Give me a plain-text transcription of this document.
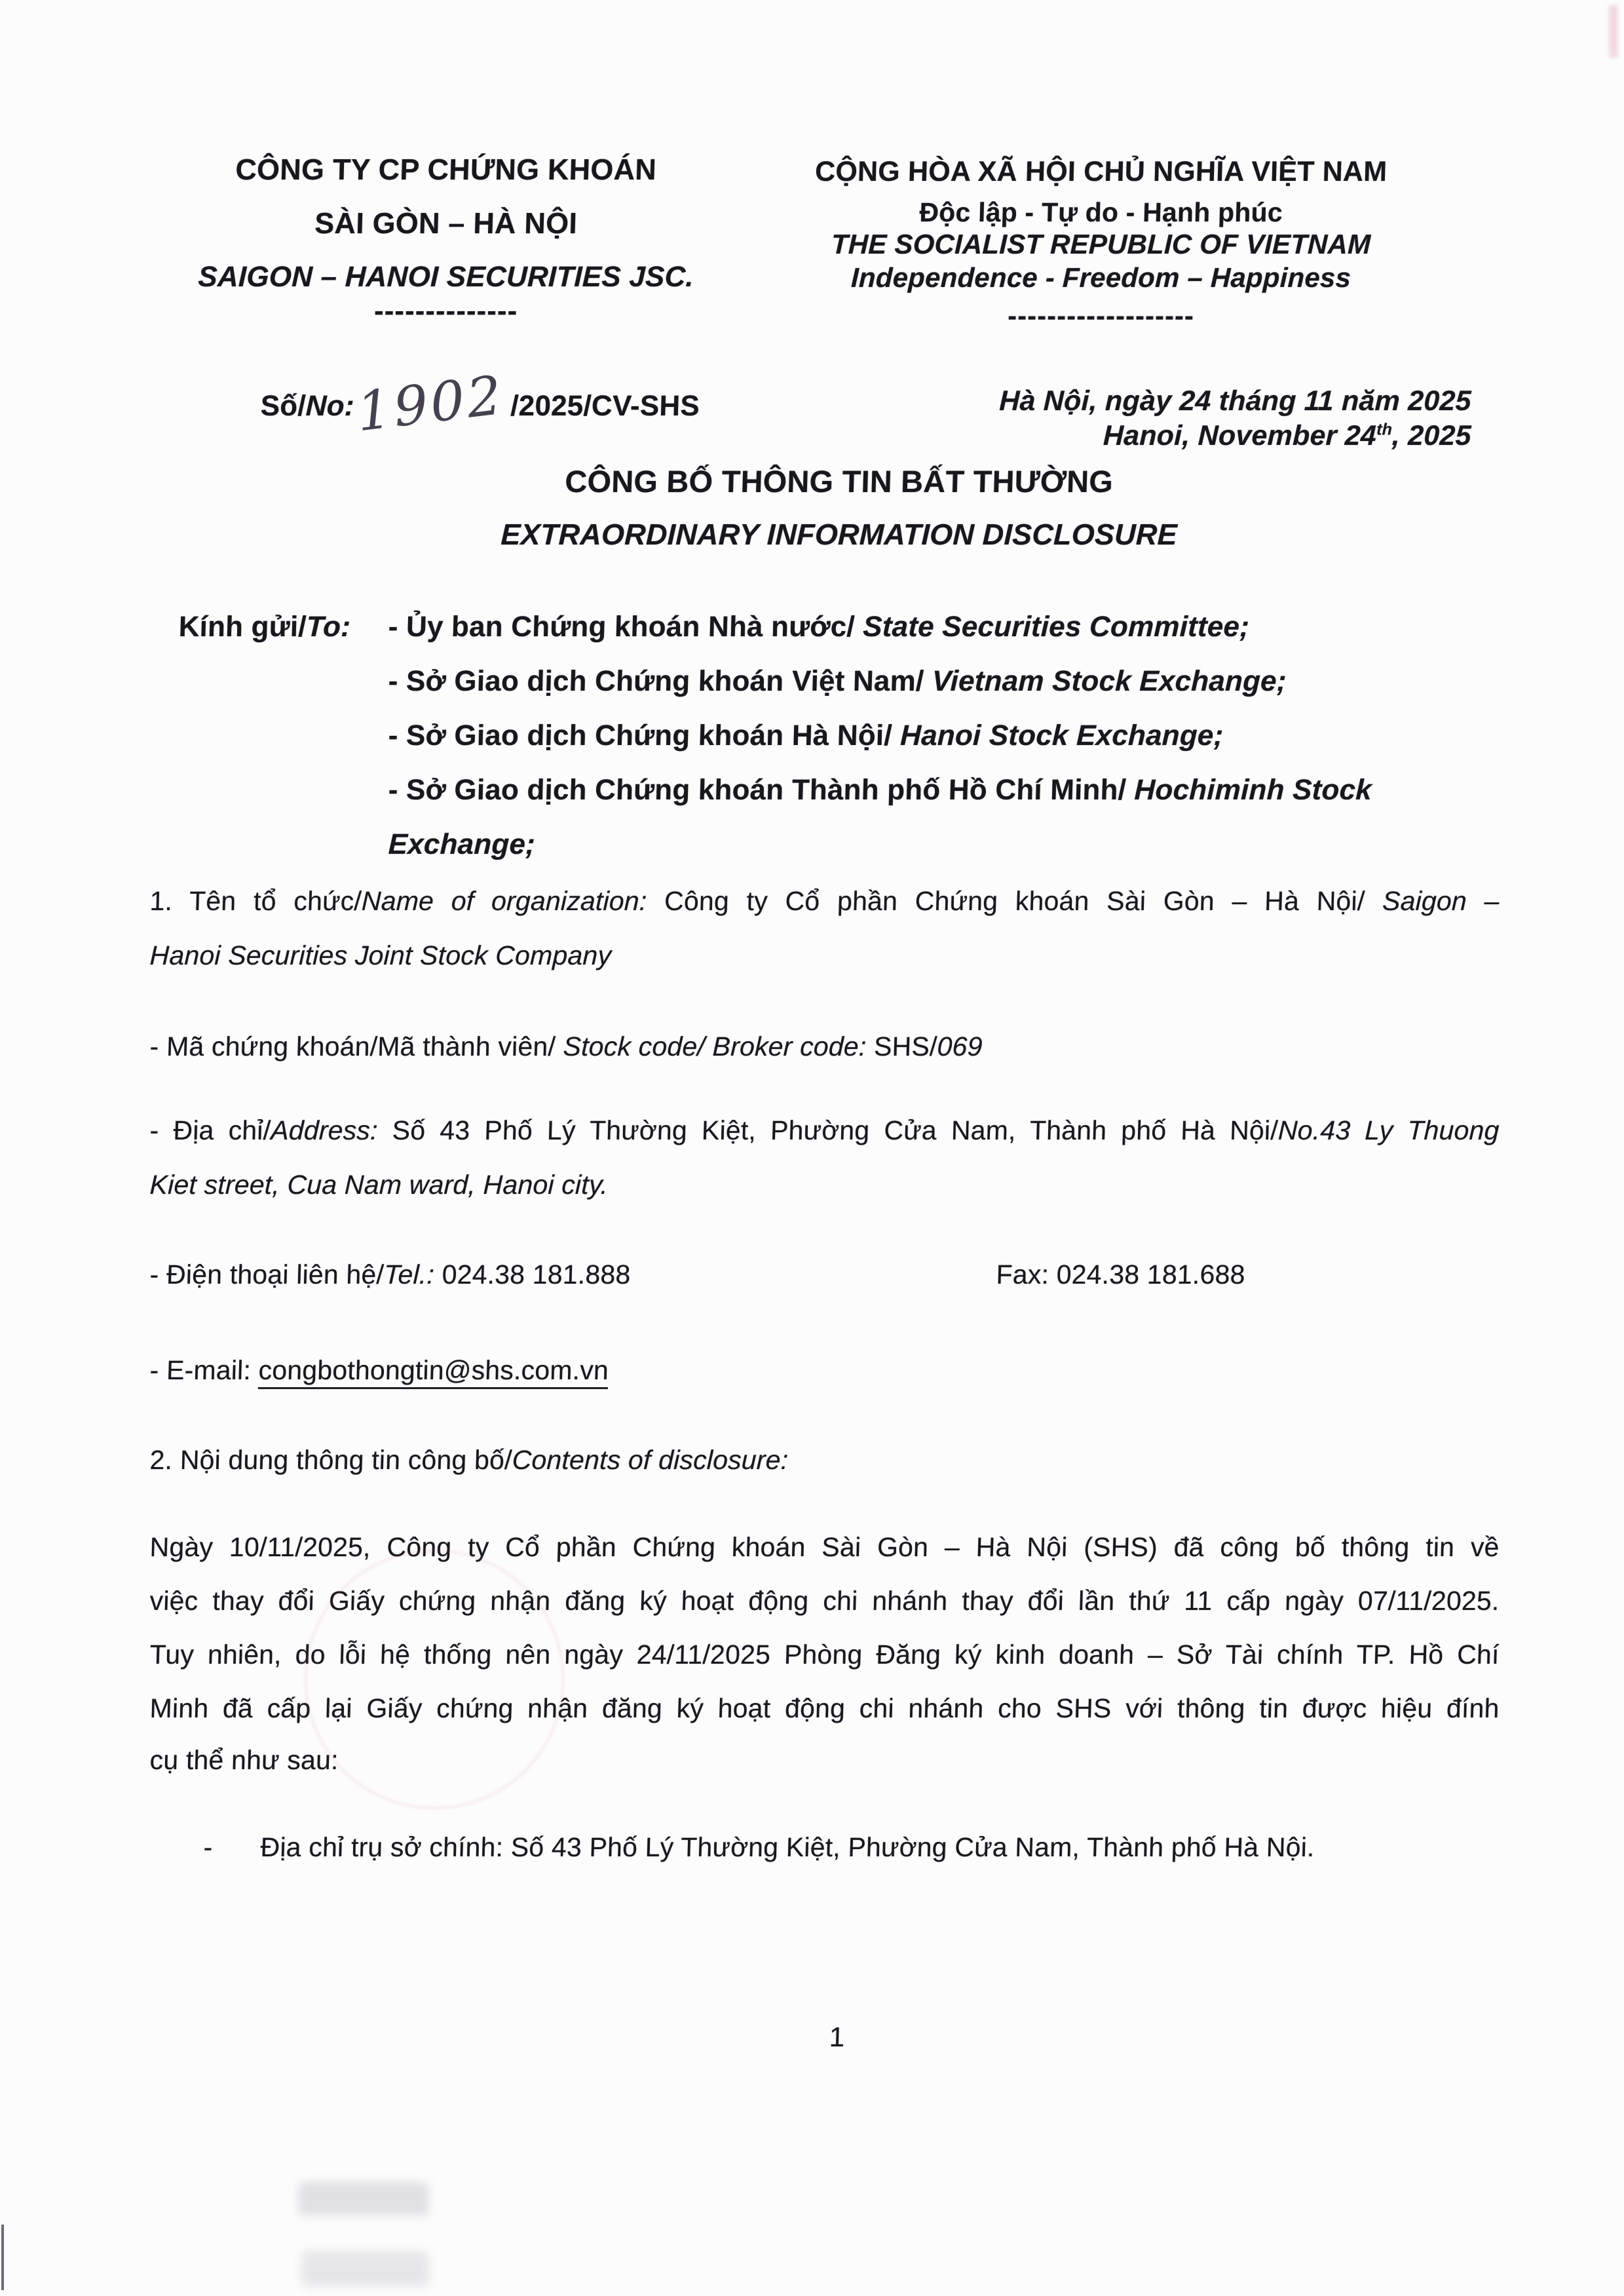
CÔNG TY CP CHỨNG KHOÁN
SÀI GÒN – HÀ NỘI
SAIGON – HANOI SECURITIES JSC.
--------------
CỘNG HÒA XÃ HỘI CHỦ NGHĨA VIỆT NAM
Độc lập - Tự do - Hạnh phúc
THE SOCIALIST REPUBLIC OF VIETNAM
Independence - Freedom – Happiness
-------------------
Số/No:1902 /2025/CV-SHS	Hà Nội, ngày 24 tháng 11 năm 2025
Hanoi, November 24th, 2025
CÔNG BỐ THÔNG TIN BẤT THƯỜNG
EXTRAORDINARY INFORMATION DISCLOSURE
Kính gửi/To: - Ủy ban Chứng khoán Nhà nước/ State Securities Committee;
- Sở Giao dịch Chứng khoán Việt Nam/ Vietnam Stock Exchange;
- Sở Giao dịch Chứng khoán Hà Nội/ Hanoi Stock Exchange;
- Sở Giao dịch Chứng khoán Thành phố Hồ Chí Minh/ Hochiminh Stock
Exchange;
1. Tên tổ chức/Name of organization: Công ty Cổ phần Chứng khoán Sài Gòn – Hà Nội/ Saigon –
Hanoi Securities Joint Stock Company
- Mã chứng khoán/Mã thành viên/ Stock code/ Broker code: SHS/069
- Địa chỉ/Address: Số 43 Phố Lý Thường Kiệt, Phường Cửa Nam, Thành phố Hà Nội/No.43 Ly Thuong
Kiet street, Cua Nam ward, Hanoi city.
- Điện thoại liên hệ/Tel.: 024.38 181.888	Fax: 024.38 181.688
- E-mail: congbothongtin@shs.com.vn
2. Nội dung thông tin công bố/Contents of disclosure:
Ngày 10/11/2025, Công ty Cổ phần Chứng khoán Sài Gòn – Hà Nội (SHS) đã công bố thông tin về
việc thay đổi Giấy chứng nhận đăng ký hoạt động chi nhánh thay đổi lần thứ 11 cấp ngày 07/11/2025.
Tuy nhiên, do lỗi hệ thống nên ngày 24/11/2025 Phòng Đăng ký kinh doanh – Sở Tài chính TP. Hồ Chí
Minh đã cấp lại Giấy chứng nhận đăng ký hoạt động chi nhánh cho SHS với thông tin được hiệu đính
cụ thể như sau:
- Địa chỉ trụ sở chính: Số 43 Phố Lý Thường Kiệt, Phường Cửa Nam, Thành phố Hà Nội.
1
